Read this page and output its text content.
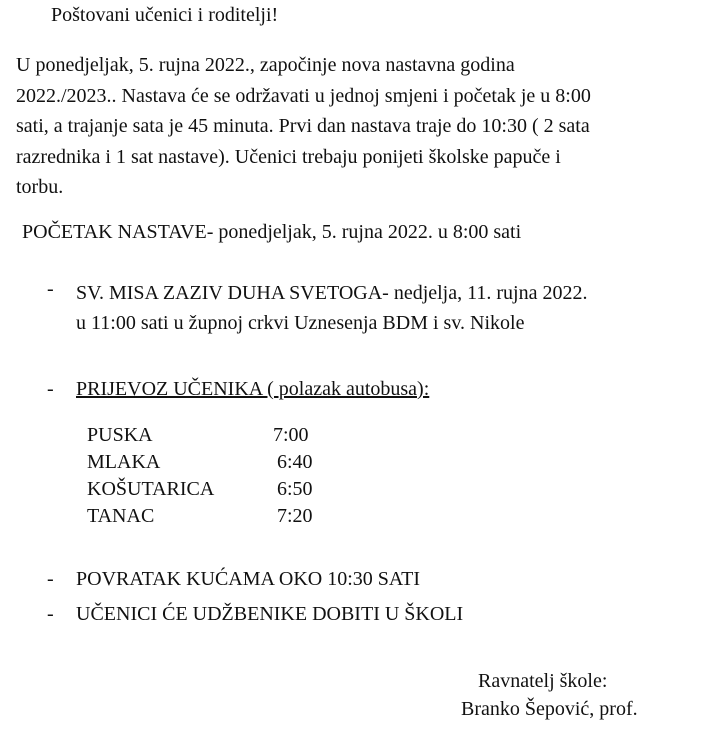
Poštovani učenici i roditelji!
U ponedjeljak, 5. rujna 2022., započinje nova nastavna godina
2022./2023.. Nastava će se održavati u jednoj smjeni i početak je u 8:00
sati, a trajanje sata je 45 minuta. Prvi dan nastava traje do 10:30 ( 2 sata
razrednika i 1 sat nastave). Učenici trebaju ponijeti školske papuče i
torbu.
POČETAK NASTAVE- ponedjeljak, 5. rujna 2022. u 8:00 sati
- SV. MISA ZAZIV DUHA SVETOGA- nedjelja, 11. rujna 2022.
u 11:00 sati u župnoj crkvi Uznesenja BDM i sv. Nikole
- PRIJEVOZ UČENIKA ( polazak autobusa):
PUSKA	7:00
MLAKA	6:40
KOŠUTARICA	6:50
TANAC	7:20
- POVRATAK KUĆAMA OKO 10:30 SATI
- UČENICI ĆE UDŽBENIKE DOBITI U ŠKOLI
Ravnatelj škole:
Branko Šepović, prof.
